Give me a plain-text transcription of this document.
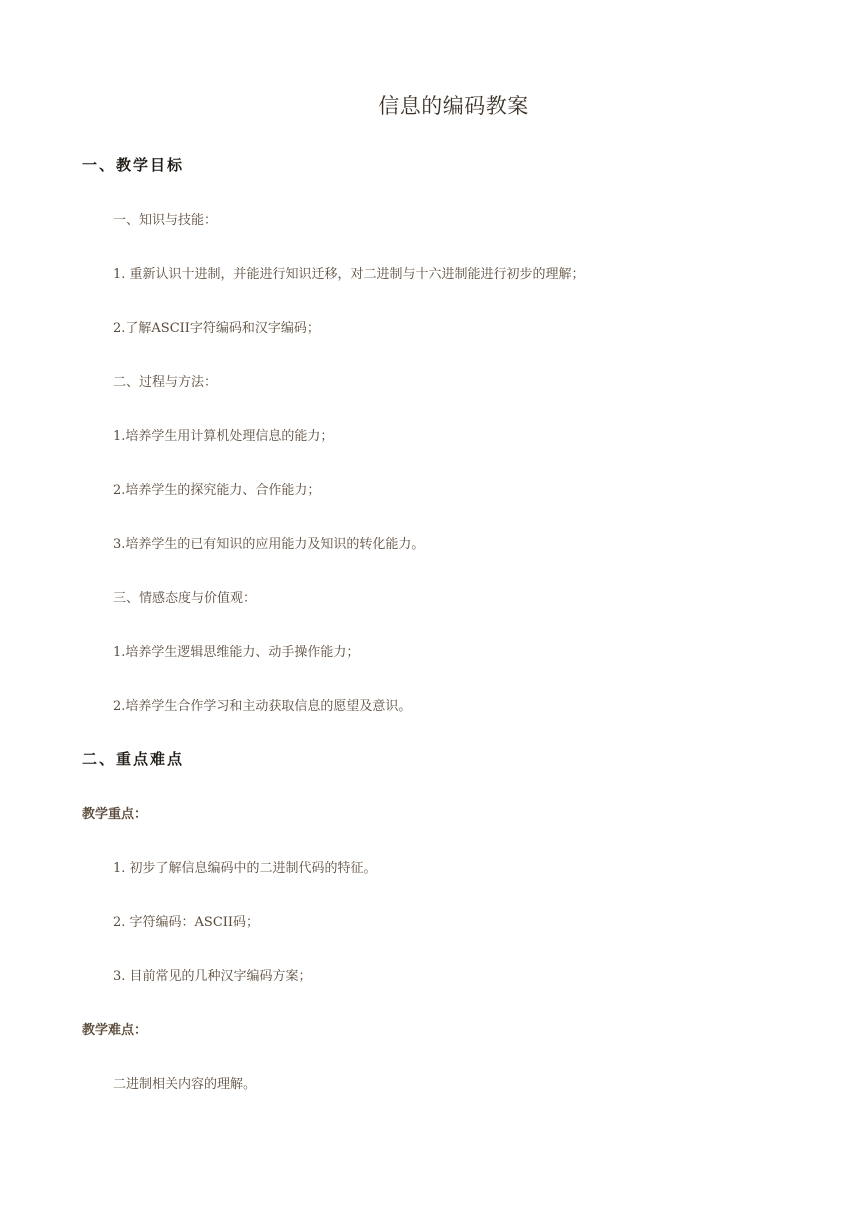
信息的编码教案
一、教学目标
一、知识与技能：
1. 重新认识十进制，并能进行知识迁移，对二进制与十六进制能进行初步的理解；
2.了解ASCII字符编码和汉字编码；
二、过程与方法：
1.培养学生用计算机处理信息的能力；
2.培养学生的探究能力、合作能力；
3.培养学生的已有知识的应用能力及知识的转化能力。
三、情感态度与价值观：
1.培养学生逻辑思维能力、动手操作能力；
2.培养学生合作学习和主动获取信息的愿望及意识。
二、重点难点
教学重点：
1. 初步了解信息编码中的二进制代码的特征。
2. 字符编码：ASCII码；
3. 目前常见的几种汉字编码方案；
教学难点：
二进制相关内容的理解。
